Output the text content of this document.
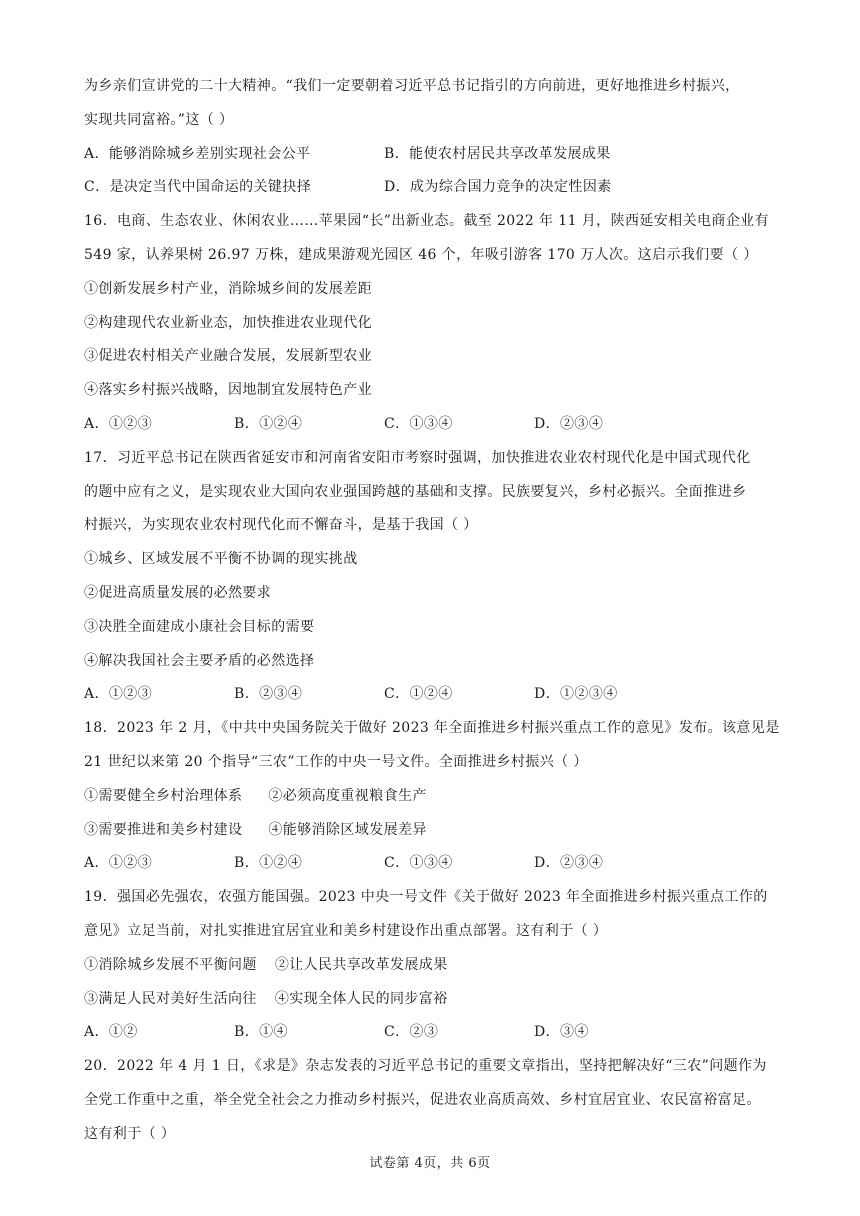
为乡亲们宣讲党的二十大精神。“我们一定要朝着习近平总书记指引的方向前进，更好地推进乡村振兴，
实现共同富裕。”这（ ）
A．能够消除城乡差别实现社会公平	B．能使农村居民共享改革发展成果
C．是决定当代中国命运的关键抉择	D．成为综合国力竞争的决定性因素
16．电商、生态农业、休闲农业……苹果园“长”出新业态。截至 2022 年 11 月，陕西延安相关电商企业有
549 家，认养果树 26.97 万株，建成果游观光园区 46 个，年吸引游客 170 万人次。这启示我们要（ ）
①创新发展乡村产业，消除城乡间的发展差距
②构建现代农业新业态，加快推进农业现代化
③促进农村相关产业融合发展，发展新型农业
④落实乡村振兴战略，因地制宜发展特色产业
A．①②③	B．①②④	C．①③④	D．②③④
17．习近平总书记在陕西省延安市和河南省安阳市考察时强调，加快推进农业农村现代化是中国式现代化
的题中应有之义，是实现农业大国向农业强国跨越的基础和支撑。民族要复兴，乡村必振兴。全面推进乡
村振兴，为实现农业农村现代化而不懈奋斗，是基于我国（ ）
①城乡、区域发展不平衡不协调的现实挑战
②促进高质量发展的必然要求
③决胜全面建成小康社会目标的需要
④解决我国社会主要矛盾的必然选择
A．①②③	B．②③④	C．①②④	D．①②③④
18．2023 年 2 月，《中共中央国务院关于做好 2023 年全面推进乡村振兴重点工作的意见》发布。该意见是
21 世纪以来第 20 个指导“三农”工作的中央一号文件。全面推进乡村振兴（ ）
①需要健全乡村治理体系 ②必须高度重视粮食生产
③需要推进和美乡村建设 ④能够消除区域发展差异
A．①②③	B．①②④	C．①③④	D．②③④
19．强国必先强农，农强方能国强。2023 中央一号文件《关于做好 2023 年全面推进乡村振兴重点工作的
意见》立足当前，对扎实推进宜居宜业和美乡村建设作出重点部署。这有利于（ ）
①消除城乡发展不平衡问题 ②让人民共享改革发展成果
③满足人民对美好生活向往 ④实现全体人民的同步富裕
A．①②	B．①④	C．②③	D．③④
20．2022 年 4 月 1 日，《求是》杂志发表的习近平总书记的重要文章指出，坚持把解决好“三农”问题作为
全党工作重中之重，举全党全社会之力推动乡村振兴，促进农业高质高效、乡村宜居宜业、农民富裕富足。
这有利于（ ）
试卷第 4页，共 6页
